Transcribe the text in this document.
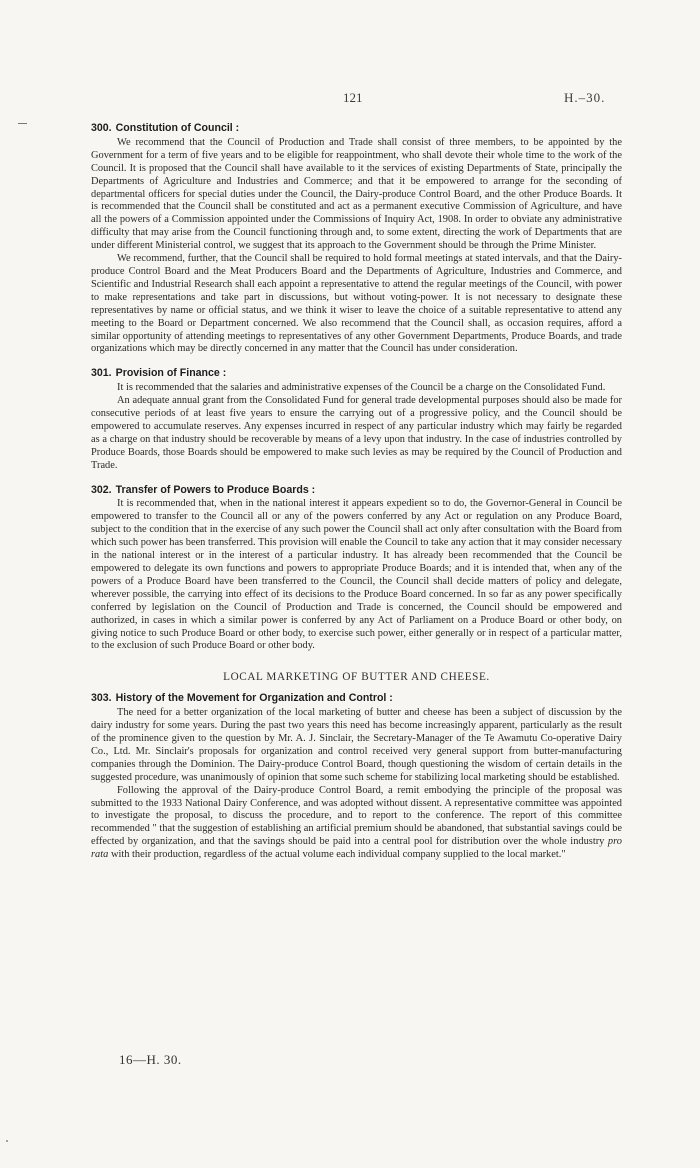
121	H.–30.
300. Constitution of Council :

We recommend that the Council of Production and Trade shall consist of three members, to be appointed by the Government for a term of five years and to be eligible for reappointment, who shall devote their whole time to the work of the Council. It is proposed that the Council shall have available to it the services of existing Departments of State, principally the Departments of Agriculture and Industries and Commerce; and that it be empowered to arrange for the seconding of departmental officers for special duties under the Council, the Dairy-produce Control Board, and the other Produce Boards. It is recommended that the Council shall be constituted and act as a permanent executive Commission of Agriculture, and have all the powers of a Commission appointed under the Commissions of Inquiry Act, 1908. In order to obviate any administrative difficulty that may arise from the Council functioning through and, to some extent, directing the work of Departments that are under different Ministerial control, we suggest that its approach to the Government should be through the Prime Minister.

We recommend, further, that the Council shall be required to hold formal meetings at stated intervals, and that the Dairy-produce Control Board and the Meat Producers Board and the Departments of Agriculture, Industries and Commerce, and Scientific and Industrial Research shall each appoint a representative to attend the regular meetings of the Council, with power to make representations and take part in discussions, but without voting-power. It is not necessary to designate these representatives by name or official status, and we think it wiser to leave the choice of a suitable representative to attend any meeting to the Board or Department concerned. We also recommend that the Council shall, as occasion requires, afford a similar opportunity of attending meetings to representatives of any other Government Departments, Produce Boards, and trade organizations which may be directly concerned in any matter that the Council has under consideration.

301. Provision of Finance :

It is recommended that the salaries and administrative expenses of the Council be a charge on the Consolidated Fund.

An adequate annual grant from the Consolidated Fund for general trade developmental purposes should also be made for consecutive periods of at least five years to ensure the carrying out of a progressive policy, and the Council should be empowered to accumulate reserves. Any expenses incurred in respect of any particular industry which may fairly be regarded as a charge on that industry should be recoverable by means of a levy upon that industry. In the case of industries controlled by Produce Boards, those Boards should be empowered to make such levies as may be required by the Council of Production and Trade.

302. Transfer of Powers to Produce Boards :

It is recommended that, when in the national interest it appears expedient so to do, the Governor-General in Council be empowered to transfer to the Council all or any of the powers conferred by any Act or regulation on any Produce Board, subject to the condition that in the exercise of any such power the Council shall act only after consultation with the Board from which such power has been transferred. This provision will enable the Council to take any action that it may consider necessary in the national interest or in the interest of a particular industry. It has already been recommended that the Council be empowered to delegate its own functions and powers to appropriate Produce Boards; and it is intended that, when any of the powers of a Produce Board have been transferred to the Council, the Council shall decide matters of policy and delegate, wherever possible, the carrying into effect of its decisions to the Produce Board concerned. In so far as any power specifically conferred by legislation on the Council of Production and Trade is concerned, the Council should be empowered and authorized, in cases in which a similar power is conferred by any Act of Parliament on a Produce Board or other body, on giving notice to such Produce Board or other body, to exercise such power, either generally or in respect of a particular matter, to the exclusion of such Produce Board or other body.

LOCAL MARKETING OF BUTTER AND CHEESE.
303. History of the Movement for Organization and Control :

The need for a better organization of the local marketing of butter and cheese has been a subject of discussion by the dairy industry for some years. During the past two years this need has become increasingly apparent, particularly as the result of the prominence given to the question by Mr. A. J. Sinclair, the Secretary-Manager of the Te Awamutu Co-operative Dairy Co., Ltd. Mr. Sinclair's proposals for organization and control received very general support from butter-manufacturing companies through the Dominion. The Dairy-produce Control Board, though questioning the wisdom of certain details in the suggested procedure, was unanimously of opinion that some such scheme for stabilizing local marketing should be established.

Following the approval of the Dairy-produce Control Board, a remit embodying the principle of the proposal was submitted to the 1933 National Dairy Conference, and was adopted without dissent. A representative committee was appointed to investigate the proposal, to discuss the procedure, and to report to the conference. The report of this committee recommended " that the suggestion of establishing an artificial premium should be abandoned, that substantial savings could be effected by organization, and that the savings should be paid into a central pool for distribution over the whole industry pro rata with their production, regardless of the actual volume each individual company supplied to the local market."

16—H. 30.
